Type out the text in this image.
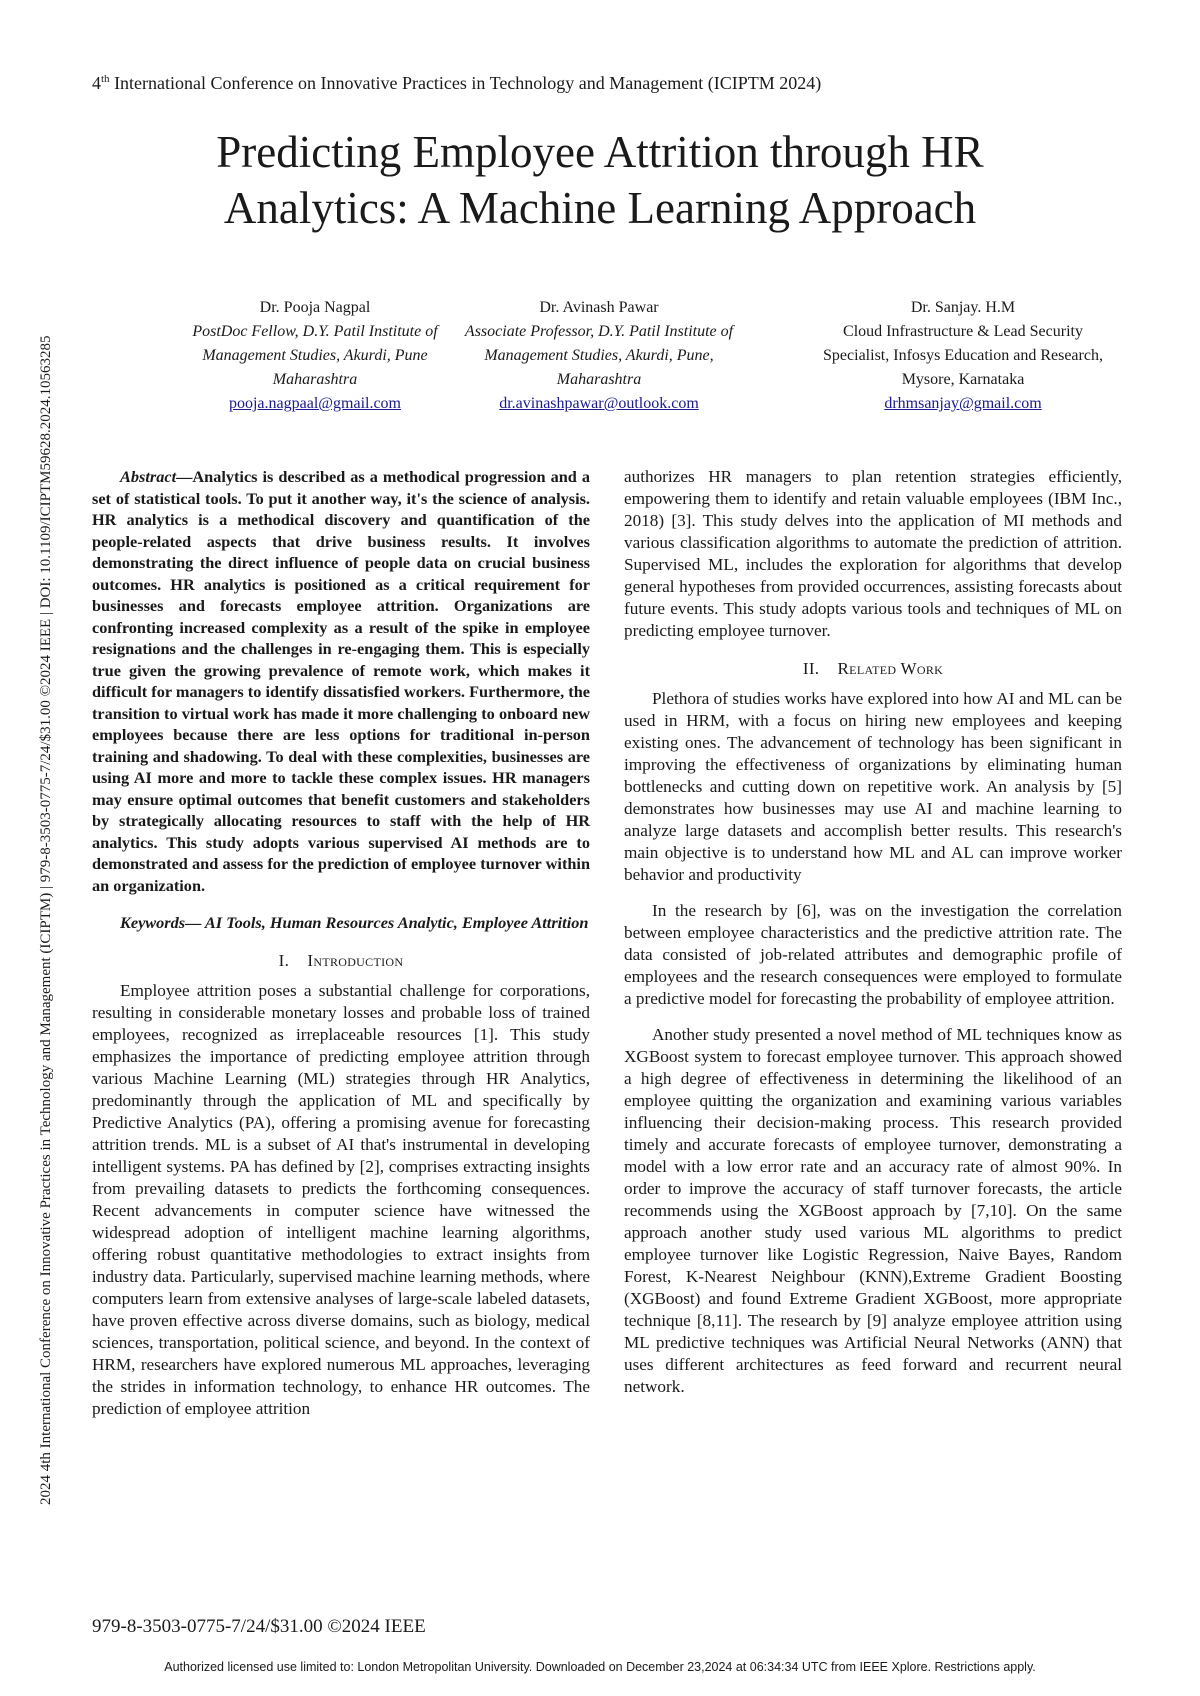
4th International Conference on Innovative Practices in Technology and Management (ICIPTM 2024)
2024 4th International Conference on Innovative Practices in Technology and Management (ICIPTM) | 979-8-3503-0775-7/24/$31.00 ©2024 IEEE | DOI: 10.1109/ICIPTM59628.2024.10563285
Predicting Employee Attrition through HR Analytics: A Machine Learning Approach
Dr. Pooja Nagpal
PostDoc Fellow, D.Y. Patil Institute of Management Studies, Akurdi, Pune Maharashtra
pooja.nagpaal@gmail.com
Dr. Avinash Pawar
Associate Professor, D.Y. Patil Institute of Management Studies, Akurdi, Pune, Maharashtra
dr.avinashpawar@outlook.com
Dr. Sanjay. H.M
Cloud Infrastructure & Lead Security Specialist, Infosys Education and Research, Mysore, Karnataka
drhmsanjay@gmail.com

Abstract—Analytics is described as a methodical progression and a set of statistical tools. To put it another way, it's the science of analysis. HR analytics is a methodical discovery and quantification of the people-related aspects that drive business results. It involves demonstrating the direct influence of people data on crucial business outcomes. HR analytics is positioned as a critical requirement for businesses and forecasts employee attrition. Organizations are confronting increased complexity as a result of the spike in employee resignations and the challenges in re-engaging them. This is especially true given the growing prevalence of remote work, which makes it difficult for managers to identify dissatisfied workers. Furthermore, the transition to virtual work has made it more challenging to onboard new employees because there are less options for traditional in-person training and shadowing. To deal with these complexities, businesses are using AI more and more to tackle these complex issues. HR managers may ensure optimal outcomes that benefit customers and stakeholders by strategically allocating resources to staff with the help of HR analytics. This study adopts various supervised AI methods are to demonstrated and assess for the prediction of employee turnover within an organization.

Keywords— AI Tools, Human Resources Analytic, Employee Attrition

I. Introduction

Employee attrition poses a substantial challenge for corporations, resulting in considerable monetary losses and probable loss of trained employees, recognized as irreplaceable resources [1]. This study emphasizes the importance of predicting employee attrition through various Machine Learning (ML) strategies through HR Analytics, predominantly through the application of ML and specifically by Predictive Analytics (PA), offering a promising avenue for forecasting attrition trends. ML is a subset of AI that's instrumental in developing intelligent systems. PA has defined by [2], comprises extracting insights from prevailing datasets to predicts the forthcoming consequences. Recent advancements in computer science have witnessed the widespread adoption of intelligent machine learning algorithms, offering robust quantitative methodologies to extract insights from industry data. Particularly, supervised machine learning methods, where computers learn from extensive analyses of large-scale labeled datasets, have proven effective across diverse domains, such as biology, medical sciences, transportation, political science, and beyond. In the context of HRM, researchers have explored numerous ML approaches, leveraging the strides in information technology, to enhance HR outcomes. The prediction of employee attrition

authorizes HR managers to plan retention strategies efficiently, empowering them to identify and retain valuable employees (IBM Inc., 2018) [3]. This study delves into the application of MI methods and various classification algorithms to automate the prediction of attrition. Supervised ML, includes the exploration for algorithms that develop general hypotheses from provided occurrences, assisting forecasts about future events. This study adopts various tools and techniques of ML on predicting employee turnover.

II. Related Work

Plethora of studies works have explored into how AI and ML can be used in HRM, with a focus on hiring new employees and keeping existing ones. The advancement of technology has been significant in improving the effectiveness of organizations by eliminating human bottlenecks and cutting down on repetitive work. An analysis by [5] demonstrates how businesses may use AI and machine learning to analyze large datasets and accomplish better results. This research's main objective is to understand how ML and AL can improve worker behavior and productivity

In the research by [6], was on the investigation the correlation between employee characteristics and the predictive attrition rate. The data consisted of job-related attributes and demographic profile of employees and the research consequences were employed to formulate a predictive model for forecasting the probability of employee attrition.

Another study presented a novel method of ML techniques know as XGBoost system to forecast employee turnover. This approach showed a high degree of effectiveness in determining the likelihood of an employee quitting the organization and examining various variables influencing their decision-making process. This research provided timely and accurate forecasts of employee turnover, demonstrating a model with a low error rate and an accuracy rate of almost 90%. In order to improve the accuracy of staff turnover forecasts, the article recommends using the XGBoost approach by [7,10]. On the same approach another study used various ML algorithms to predict employee turnover like Logistic Regression, Naive Bayes, Random Forest, K-Nearest Neighbour (KNN),Extreme Gradient Boosting (XGBoost) and found Extreme Gradient XGBoost, more appropriate technique [8,11]. The research by [9] analyze employee attrition using ML predictive techniques was Artificial Neural Networks (ANN) that uses different architectures as feed forward and recurrent neural network.

979-8-3503-0775-7/24/$31.00 ©2024 IEEE
Authorized licensed use limited to: London Metropolitan University. Downloaded on December 23,2024 at 06:34:34 UTC from IEEE Xplore. Restrictions apply.
